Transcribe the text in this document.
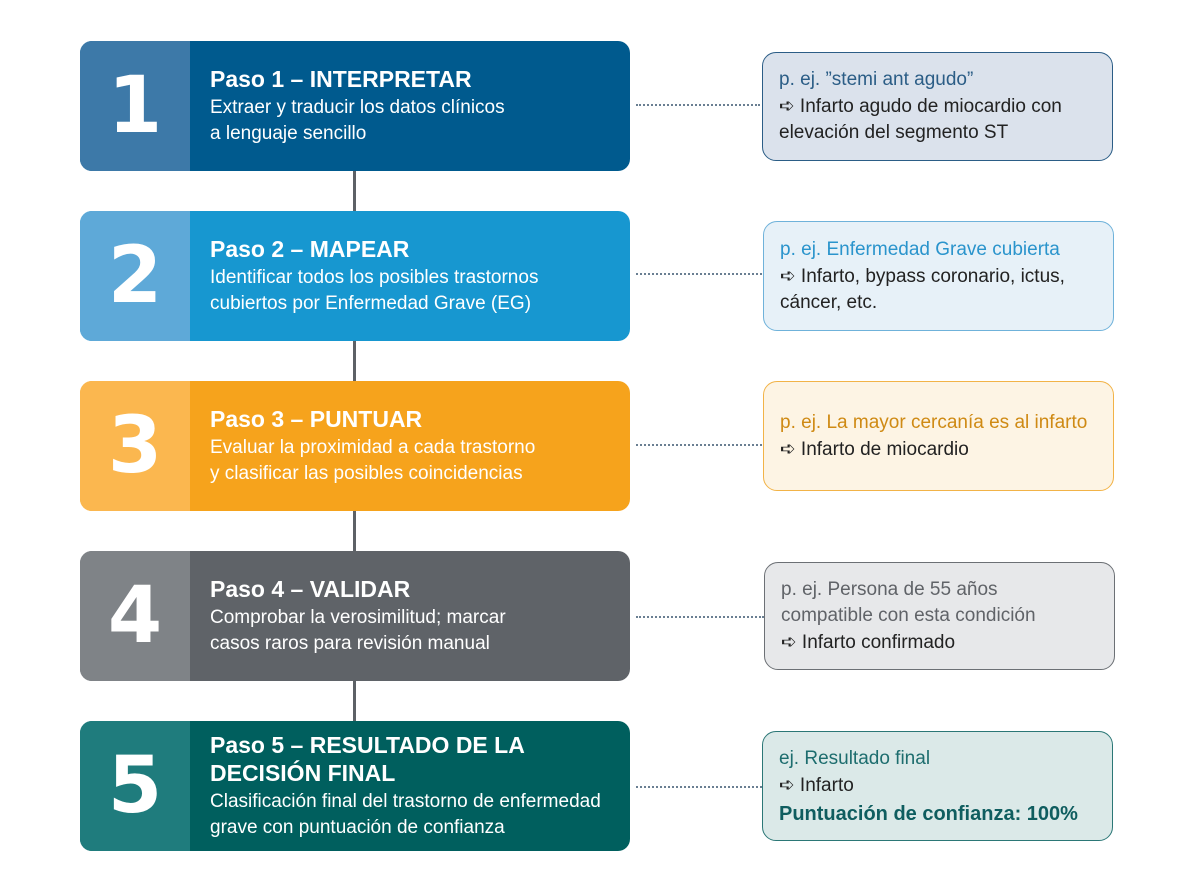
1	Paso 1 – INTERPRETAR
Extraer y traducir los datos clínicos
a lenguaje sencillo
p. ej. ”stemi ant agudo”
➪ Infarto agudo de miocardio con
elevación del segmento ST
2	Paso 2 – MAPEAR
Identificar todos los posibles trastornos
cubiertos por Enfermedad Grave (EG)
p. ej. Enfermedad Grave cubierta
➪ Infarto, bypass coronario, ictus,
cáncer, etc.
3	Paso 3 – PUNTUAR
Evaluar la proximidad a cada trastorno
y clasificar las posibles coincidencias
p. ej. La mayor cercanía es al infarto
➪ Infarto de miocardio
4	Paso 4 – VALIDAR
Comprobar la verosimilitud; marcar
casos raros para revisión manual
p. ej. Persona de 55 años
compatible con esta condición
➪ Infarto confirmado
5	Paso 5 – RESULTADO DE LA
DECISIÓN FINAL
Clasificación final del trastorno de enfermedad
grave con puntuación de confianza
ej. Resultado final
➪ Infarto
Puntuación de confianza: 100%
